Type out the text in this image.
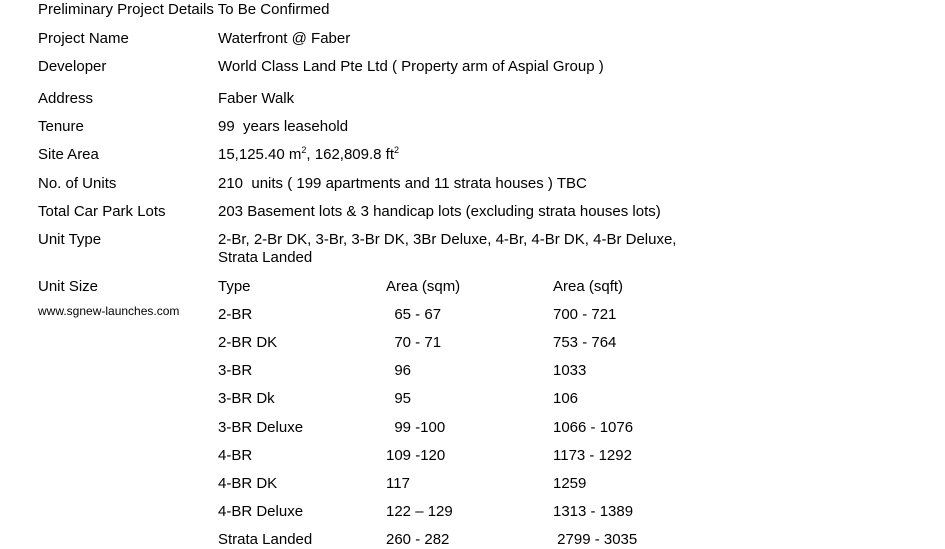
Preliminary Project Details To Be Confirmed
Project Name	Waterfront @ Faber
Developer	World Class Land Pte Ltd ( Property arm of Aspial Group )
Address	Faber Walk
Tenure	99  years leasehold
Site Area	15,125.40 $m^2$, 162,809.8 $ft^2$
No. of Units	210  units ( 199 apartments and 11 strata houses ) TBC
Total Car Park Lots	203 Basement lots & 3 handicap lots (excluding strata houses lots)
Unit Type	2-Br, 2-Br DK, 3-Br, 3-Br DK, 3Br Deluxe, 4-Br, 4-Br DK, 4-Br Deluxe,
Strata Landed
Unit Size	Type	Area (sqm)	Area (sqft)
www.sgnew-launches.com	2-BR	65 - 67	700 - 721
2-BR DK	70 - 71	753 - 764
3-BR	96	1033
3-BR Dk	95	106
3-BR Deluxe	99 -100	1066 - 1076
4-BR	109 -120	1173 - 1292
4-BR DK	117	1259
4-BR Deluxe	122 – 129	1313 - 1389
Strata Landed	260 - 282	2799 - 3035
